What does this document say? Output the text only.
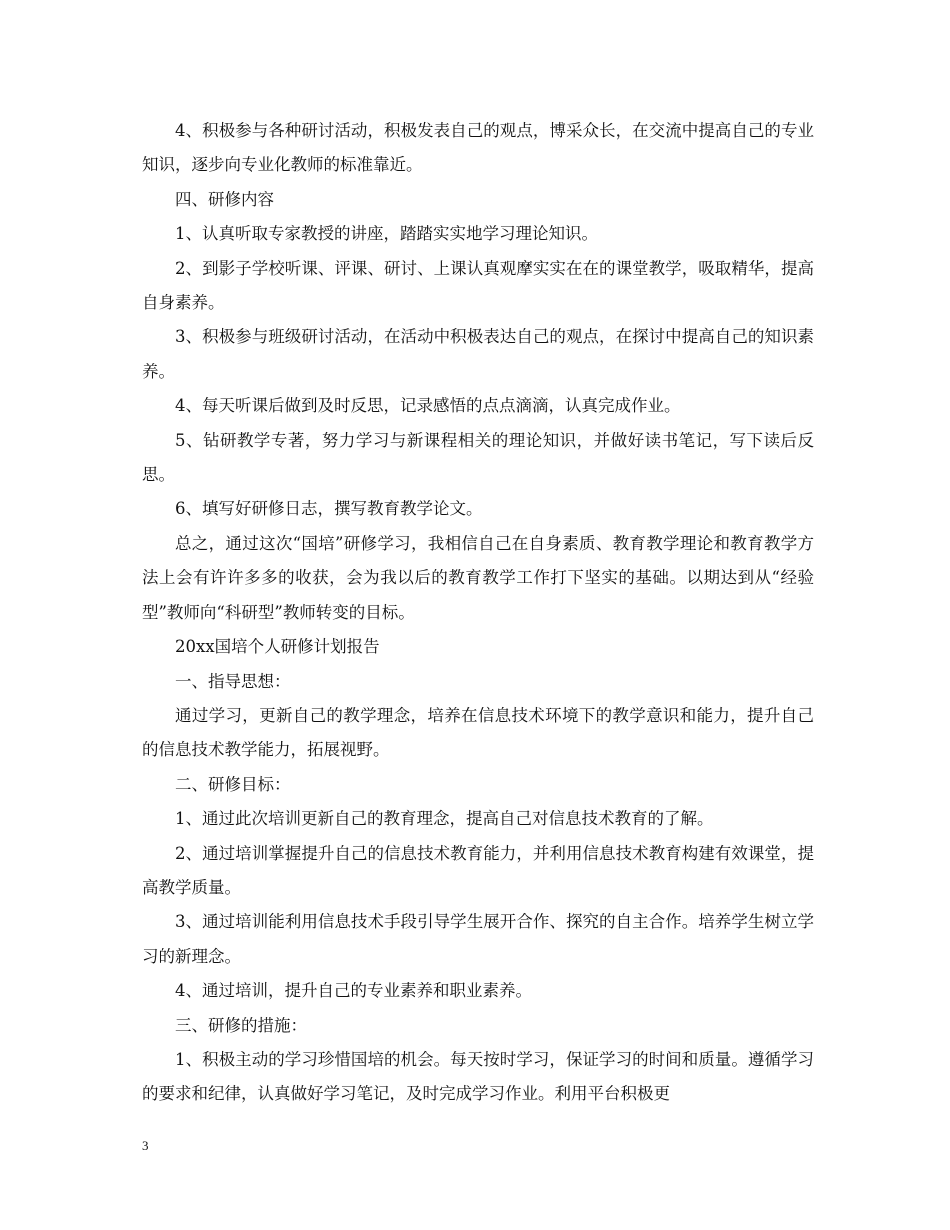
4、积极参与各种研讨活动，积极发表自己的观点，博采众长，在交流中提高自己的专业知识，逐步向专业化教师的标准靠近。

四、研修内容

1、认真听取专家教授的讲座，踏踏实实地学习理论知识。

2、到影子学校听课、评课、研讨、上课认真观摩实实在在的课堂教学，吸取精华，提高自身素养。

3、积极参与班级研讨活动，在活动中积极表达自己的观点，在探讨中提高自己的知识素养。

4、每天听课后做到及时反思，记录感悟的点点滴滴，认真完成作业。

5、钻研教学专著，努力学习与新课程相关的理论知识，并做好读书笔记，写下读后反思。

6、填写好研修日志，撰写教育教学论文。

总之，通过这次“国培”研修学习，我相信自己在自身素质、教育教学理论和教育教学方法上会有许许多多的收获，会为我以后的教育教学工作打下坚实的基础。以期达到从“经验型”教师向“科研型”教师转变的目标。

20xx国培个人研修计划报告

一、指导思想：

通过学习，更新自己的教学理念，培养在信息技术环境下的教学意识和能力，提升自己的信息技术教学能力，拓展视野。

二、研修目标：

1、通过此次培训更新自己的教育理念，提高自己对信息技术教育的了解。

2、通过培训掌握提升自己的信息技术教育能力，并利用信息技术教育构建有效课堂，提高教学质量。

3、通过培训能利用信息技术手段引导学生展开合作、探究的自主合作。培养学生树立学习的新理念。

4、通过培训，提升自己的专业素养和职业素养。

三、研修的措施：

1、积极主动的学习珍惜国培的机会。每天按时学习，保证学习的时间和质量。遵循学习的要求和纪律，认真做好学习笔记，及时完成学习作业。利用平台积极更

3
